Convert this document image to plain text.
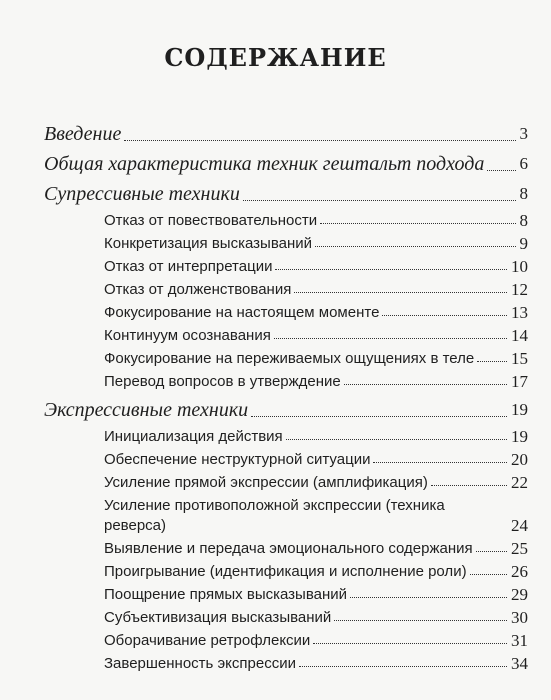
СОДЕРЖАНИЕ
Введение	3
Общая характеристика техник гештальт подхода 6
Супрессивные техники	8
Отказ от повествовательности	8
Конкретизация высказываний	9
Отказ от интерпретации	10
Отказ от долженствования	12
Фокусирование на настоящем моменте	13
Континуум осознавания	14
Фокусирование на переживаемых ощущениях в теле 15
Перевод вопросов в утверждение	17
Экспрессивные техники	19
Инициализация действия	19
Обеспечение неструктурной ситуации	20
Усиление прямой экспрессии (амплификация)	22
Усиление противоположной экспрессии (техника
реверса)	24
Выявление и передача эмоционального содержания 25
Проигрывание (идентификация и исполнение роли)	26
Поощрение прямых высказываний	29
Субъективизация высказываний	30
Оборачивание ретрофлексии	31
Завершенность экспрессии	34
